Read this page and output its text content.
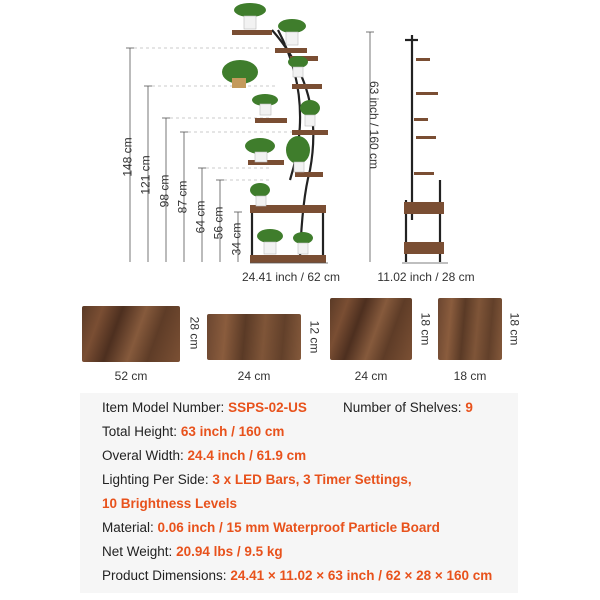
148 cm 121 cm 98 cm 87 cm
64 cm 56 cm 34 cm
24.41 inch / 62 cm
63 inch / 160 cm
11.02 inch / 28 cm
28 cm
52 cm
12 cm
24 cm
18 cm
24 cm
18 cm
18 cm
Item Model Number: SSPS-02-US	Number of Shelves: 9
Total Height: 63 inch / 160 cm
Overal Width: 24.4 inch / 61.9 cm
Lighting Per Side: 3 x LED Bars, 3 Timer Settings,
10 Brightness Levels
Material: 0.06 inch / 15 mm Waterproof Particle Board
Net Weight: 20.94 lbs / 9.5 kg
Product Dimensions: 24.41 × 11.02 × 63 inch / 62 × 28 × 160 cm
